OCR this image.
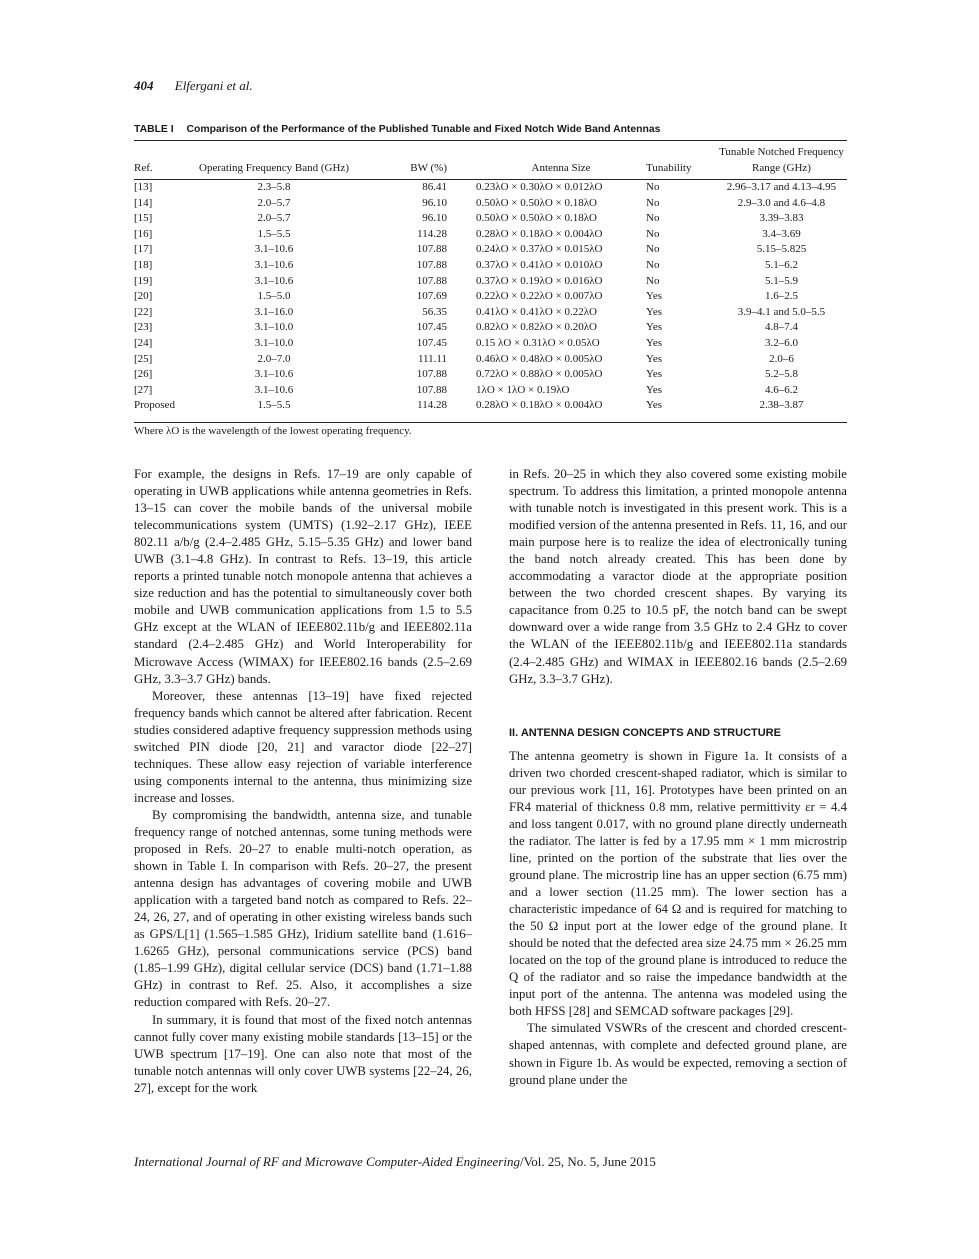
404 Elfergani et al.
TABLE I Comparison of the Performance of the Published Tunable and Fixed Notch Wide Band Antennas
Ref.	Operating Frequency Band (GHz)	BW (%)	Antenna Size	Tunability	Tunable Notched Frequency Range (GHz)
[13]	2.3–5.8	86.41	0.23λO × 0.30λO × 0.012λO	No	2.96–3.17 and 4.13–4.95
[14]	2.0–5.7	96.10	0.50λO × 0.50λO × 0.18λO	No	2.9–3.0 and 4.6–4.8
[15]	2.0–5.7	96.10	0.50λO × 0.50λO × 0.18λO	No	3.39–3.83
[16]	1.5–5.5	114.28	0.28λO × 0.18λO × 0.004λO	No	3.4–3.69
[17]	3.1–10.6	107.88	0.24λO × 0.37λO × 0.015λO	No	5.15–5.825
[18]	3.1–10.6	107.88	0.37λO × 0.41λO × 0.010λO	No	5.1–6.2
[19]	3.1–10.6	107.88	0.37λO × 0.19λO × 0.016λO	No	5.1–5.9
[20]	1.5–5.0	107.69	0.22λO × 0.22λO × 0.007λO	Yes	1.6–2.5
[22]	3.1–16.0	56.35	0.41λO × 0.41λO × 0.22λO	Yes	3.9–4.1 and 5.0–5.5
[23]	3.1–10.0	107.45	0.82λO × 0.82λO × 0.20λO	Yes	4.8–7.4
[24]	3.1–10.0	107.45	0.15 λO × 0.31λO × 0.05λO	Yes	3.2–6.0
[25]	2.0–7.0	111.11	0.46λO × 0.48λO × 0.005λO	Yes	2.0–6
[26]	3.1–10.6	107.88	0.72λO × 0.88λO × 0.005λO	Yes	5.2–5.8
[27]	3.1–10.6	107.88	1λO × 1λO × 0.19λO	Yes	4.6–6.2
Proposed	1.5–5.5	114.28	0.28λO × 0.18λO × 0.004λO	Yes	2.38–3.87
Where λO is the wavelength of the lowest operating frequency.

For example, the designs in Refs. 17–19 are only capable of operating in UWB applications while antenna geometries in Refs. 13–15 can cover the mobile bands of the universal mobile telecommunications system (UMTS) (1.92–2.17 GHz), IEEE 802.11 a/b/g (2.4–2.485 GHz, 5.15–5.35 GHz) and lower band UWB (3.1–4.8 GHz). In contrast to Refs. 13–19, this article reports a printed tunable notch monopole antenna that achieves a size reduction and has the potential to simultaneously cover both mobile and UWB communication applications from 1.5 to 5.5 GHz except at the WLAN of IEEE802.11b/g and IEEE802.11a standard (2.4–2.485 GHz) and World Interoperability for Microwave Access (WIMAX) for IEEE802.16 bands (2.5–2.69 GHz, 3.3–3.7 GHz) bands.

Moreover, these antennas [13–19] have fixed rejected frequency bands which cannot be altered after fabrication. Recent studies considered adaptive frequency suppression methods using switched PIN diode [20, 21] and varactor diode [22–27] techniques. These allow easy rejection of variable interference using components internal to the antenna, thus minimizing size increase and losses.

By compromising the bandwidth, antenna size, and tunable frequency range of notched antennas, some tuning methods were proposed in Refs. 20–27 to enable multi-notch operation, as shown in Table I. In comparison with Refs. 20–27, the present antenna design has advantages of covering mobile and UWB application with a targeted band notch as compared to Refs. 22–24, 26, 27, and of operating in other existing wireless bands such as GPS/L[1] (1.565–1.585 GHz), Iridium satellite band (1.616–1.6265 GHz), personal communications service (PCS) band (1.85–1.99 GHz), digital cellular service (DCS) band (1.71–1.88 GHz) in contrast to Ref. 25. Also, it accomplishes a size reduction compared with Refs. 20–27.

In summary, it is found that most of the fixed notch antennas cannot fully cover many existing mobile standards [13–15] or the UWB spectrum [17–19]. One can also note that most of the tunable notch antennas will only cover UWB systems [22–24, 26, 27], except for the work

in Refs. 20–25 in which they also covered some existing mobile spectrum. To address this limitation, a printed monopole antenna with tunable notch is investigated in this present work. This is a modified version of the antenna presented in Refs. 11, 16, and our main purpose here is to realize the idea of electronically tuning the band notch already created. This has been done by accommodating a varactor diode at the appropriate position between the two chorded crescent shapes. By varying its capacitance from 0.25 to 10.5 pF, the notch band can be swept downward over a wide range from 3.5 GHz to 2.4 GHz to cover the WLAN of the IEEE802.11b/g and IEEE802.11a standards (2.4–2.485 GHz) and WIMAX in IEEE802.16 bands (2.5–2.69 GHz, 3.3–3.7 GHz).

II. ANTENNA DESIGN CONCEPTS AND STRUCTURE

The antenna geometry is shown in Figure 1a. It consists of a driven two chorded crescent-shaped radiator, which is similar to our previous work [11, 16]. Prototypes have been printed on an FR4 material of thickness 0.8 mm, relative permittivity εr = 4.4 and loss tangent 0.017, with no ground plane directly underneath the radiator. The latter is fed by a 17.95 mm × 1 mm microstrip line, printed on the portion of the substrate that lies over the ground plane. The microstrip line has an upper section (6.75 mm) and a lower section (11.25 mm). The lower section has a characteristic impedance of 64 Ω and is required for matching to the 50 Ω input port at the lower edge of the ground plane. It should be noted that the defected area size 24.75 mm × 26.25 mm located on the top of the ground plane is introduced to reduce the Q of the radiator and so raise the impedance bandwidth at the input port of the antenna. The antenna was modeled using the both HFSS [28] and SEMCAD software packages [29].

The simulated VSWRs of the crescent and chorded crescent-shaped antennas, with complete and defected ground plane, are shown in Figure 1b. As would be expected, removing a section of ground plane under the

International Journal of RF and Microwave Computer-Aided Engineering/Vol. 25, No. 5, June 2015
